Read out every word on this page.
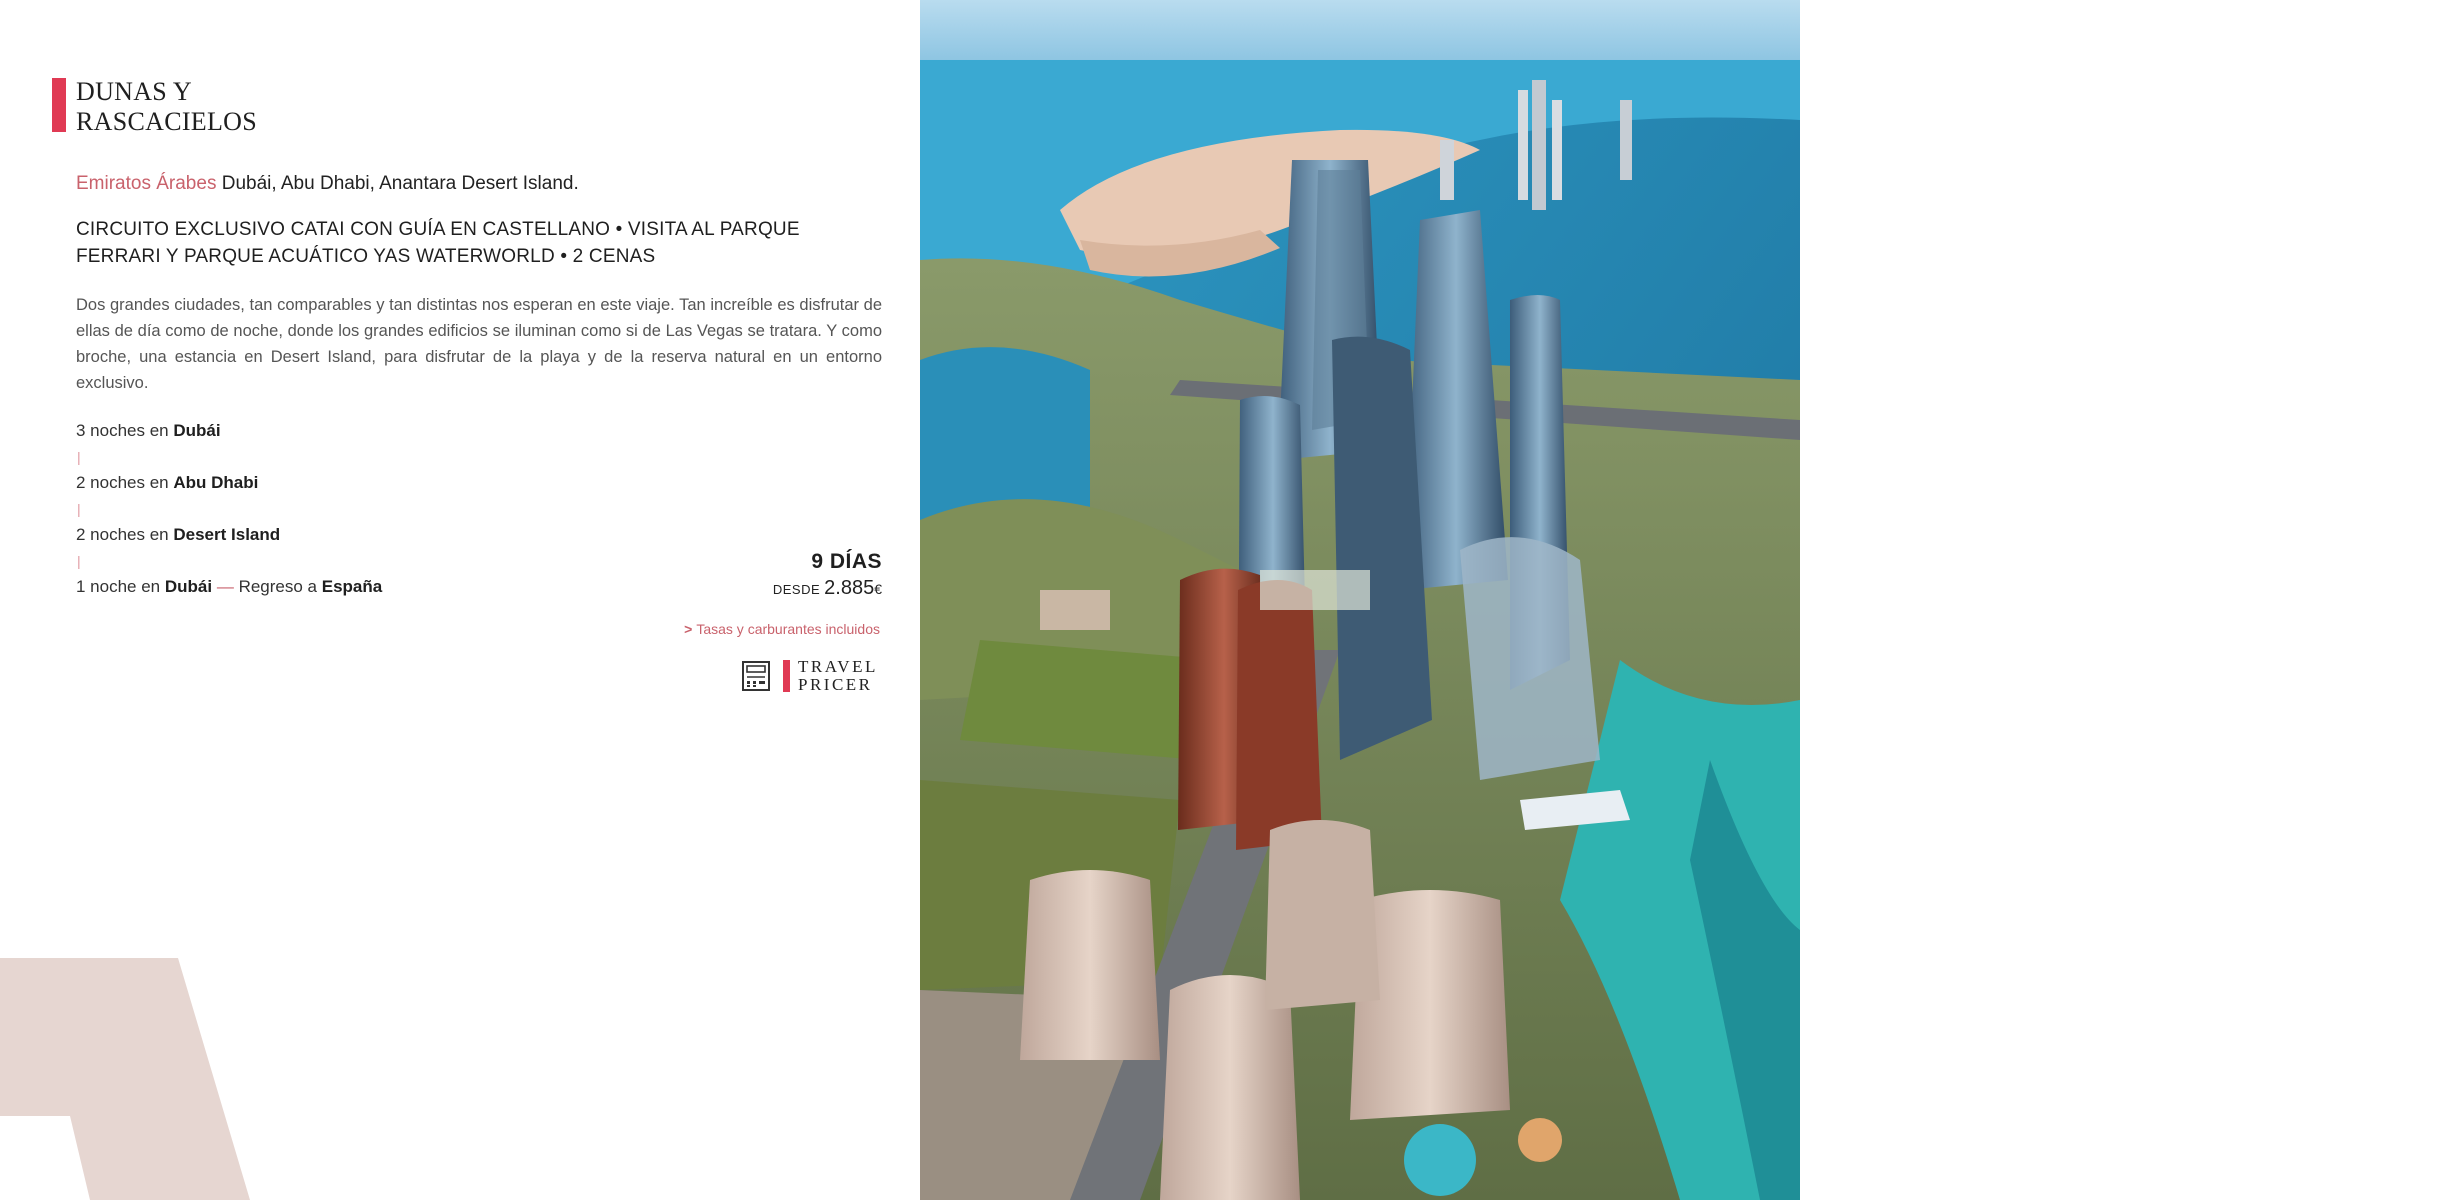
DUNAS Y
RASCACIELOS
Emiratos Árabes Dubái, Abu Dhabi, Anantara Desert Island.
CIRCUITO EXCLUSIVO CATAI CON GUÍA EN CASTELLANO • VISITA AL PARQUE FERRARI Y PARQUE ACUÁTICO YAS WATERWORLD • 2 CENAS
Dos grandes ciudades, tan comparables y tan distintas nos esperan en este viaje. Tan increíble es disfrutar de ellas de día como de noche, donde los grandes edificios se iluminan como si de Las Vegas se tratara. Y como broche, una estancia en Desert Island, para disfrutar de la playa y de la reserva natural en un entorno exclusivo.
3 noches en Dubái
|
2 noches en Abu Dhabi
|
2 noches en Desert Island
|
1 noche en Dubái — Regreso a España
9 DÍAS
DESDE 2.885€
> Tasas y carburantes incluidos
TRAVEL
PRICER
CATAI DESCUBRE EL
MUNDO QUE
IMAGINAS
